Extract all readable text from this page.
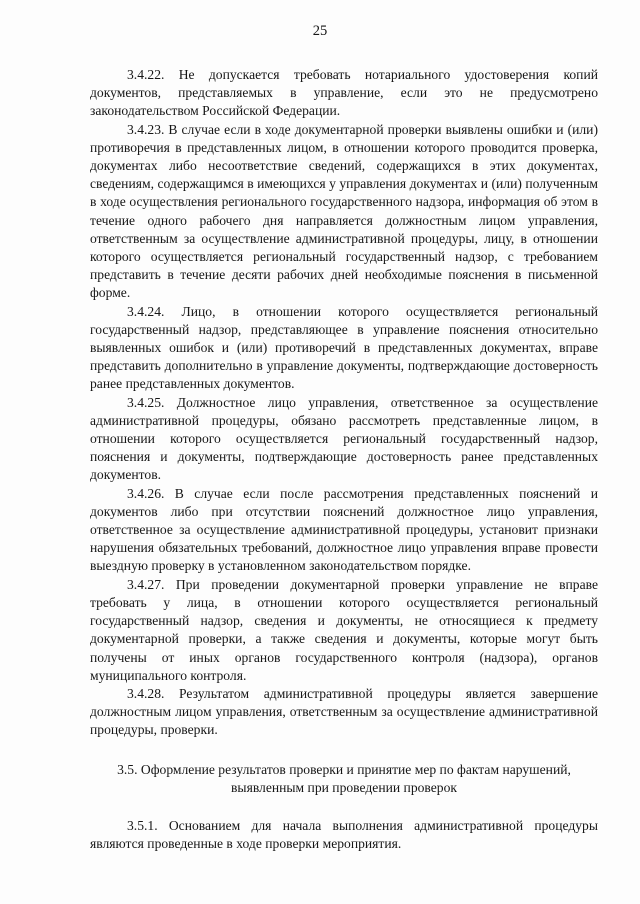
25

3.4.22. Не допускается требовать нотариального удостоверения копий документов, представляемых в управление, если это не предусмотрено законодательством Российской Федерации.

3.4.23. В случае если в ходе документарной проверки выявлены ошибки и (или) противоречия в представленных лицом, в отношении которого проводится проверка, документах либо несоответствие сведений, содержащихся в этих документах, сведениям, содержащимся в имеющихся у управления документах и (или) полученным в ходе осуществления регионального государственного надзора, информация об этом в течение одного рабочего дня направляется должностным лицом управления, ответственным за осуществление административной процедуры, лицу, в отношении которого осуществляется региональный государственный надзор, с требованием представить в течение десяти рабочих дней необходимые пояснения в письменной форме.

3.4.24. Лицо, в отношении которого осуществляется региональный государственный надзор, представляющее в управление пояснения относительно выявленных ошибок и (или) противоречий в представленных документах, вправе представить дополнительно в управление документы, подтверждающие достоверность ранее представленных документов.

3.4.25. Должностное лицо управления, ответственное за осуществление административной процедуры, обязано рассмотреть представленные лицом, в отношении которого осуществляется региональный государственный надзор, пояснения и документы, подтверждающие достоверность ранее представленных документов.

3.4.26. В случае если после рассмотрения представленных пояснений и документов либо при отсутствии пояснений должностное лицо управления, ответственное за осуществление административной процедуры, установит признаки нарушения обязательных требований, должностное лицо управления вправе провести выездную проверку в установленном законодательством порядке.

3.4.27. При проведении документарной проверки управление не вправе требовать у лица, в отношении которого осуществляется региональный государственный надзор, сведения и документы, не относящиеся к предмету документарной проверки, а также сведения и документы, которые могут быть получены от иных органов государственного контроля (надзора), органов муниципального контроля.

3.4.28. Результатом административной процедуры является завершение должностным лицом управления, ответственным за осуществление административной процедуры, проверки.

3.5. Оформление результатов проверки и принятие мер по фактам нарушений, выявленным при проведении проверок

3.5.1. Основанием для начала выполнения административной процедуры являются проведенные в ходе проверки мероприятия.
